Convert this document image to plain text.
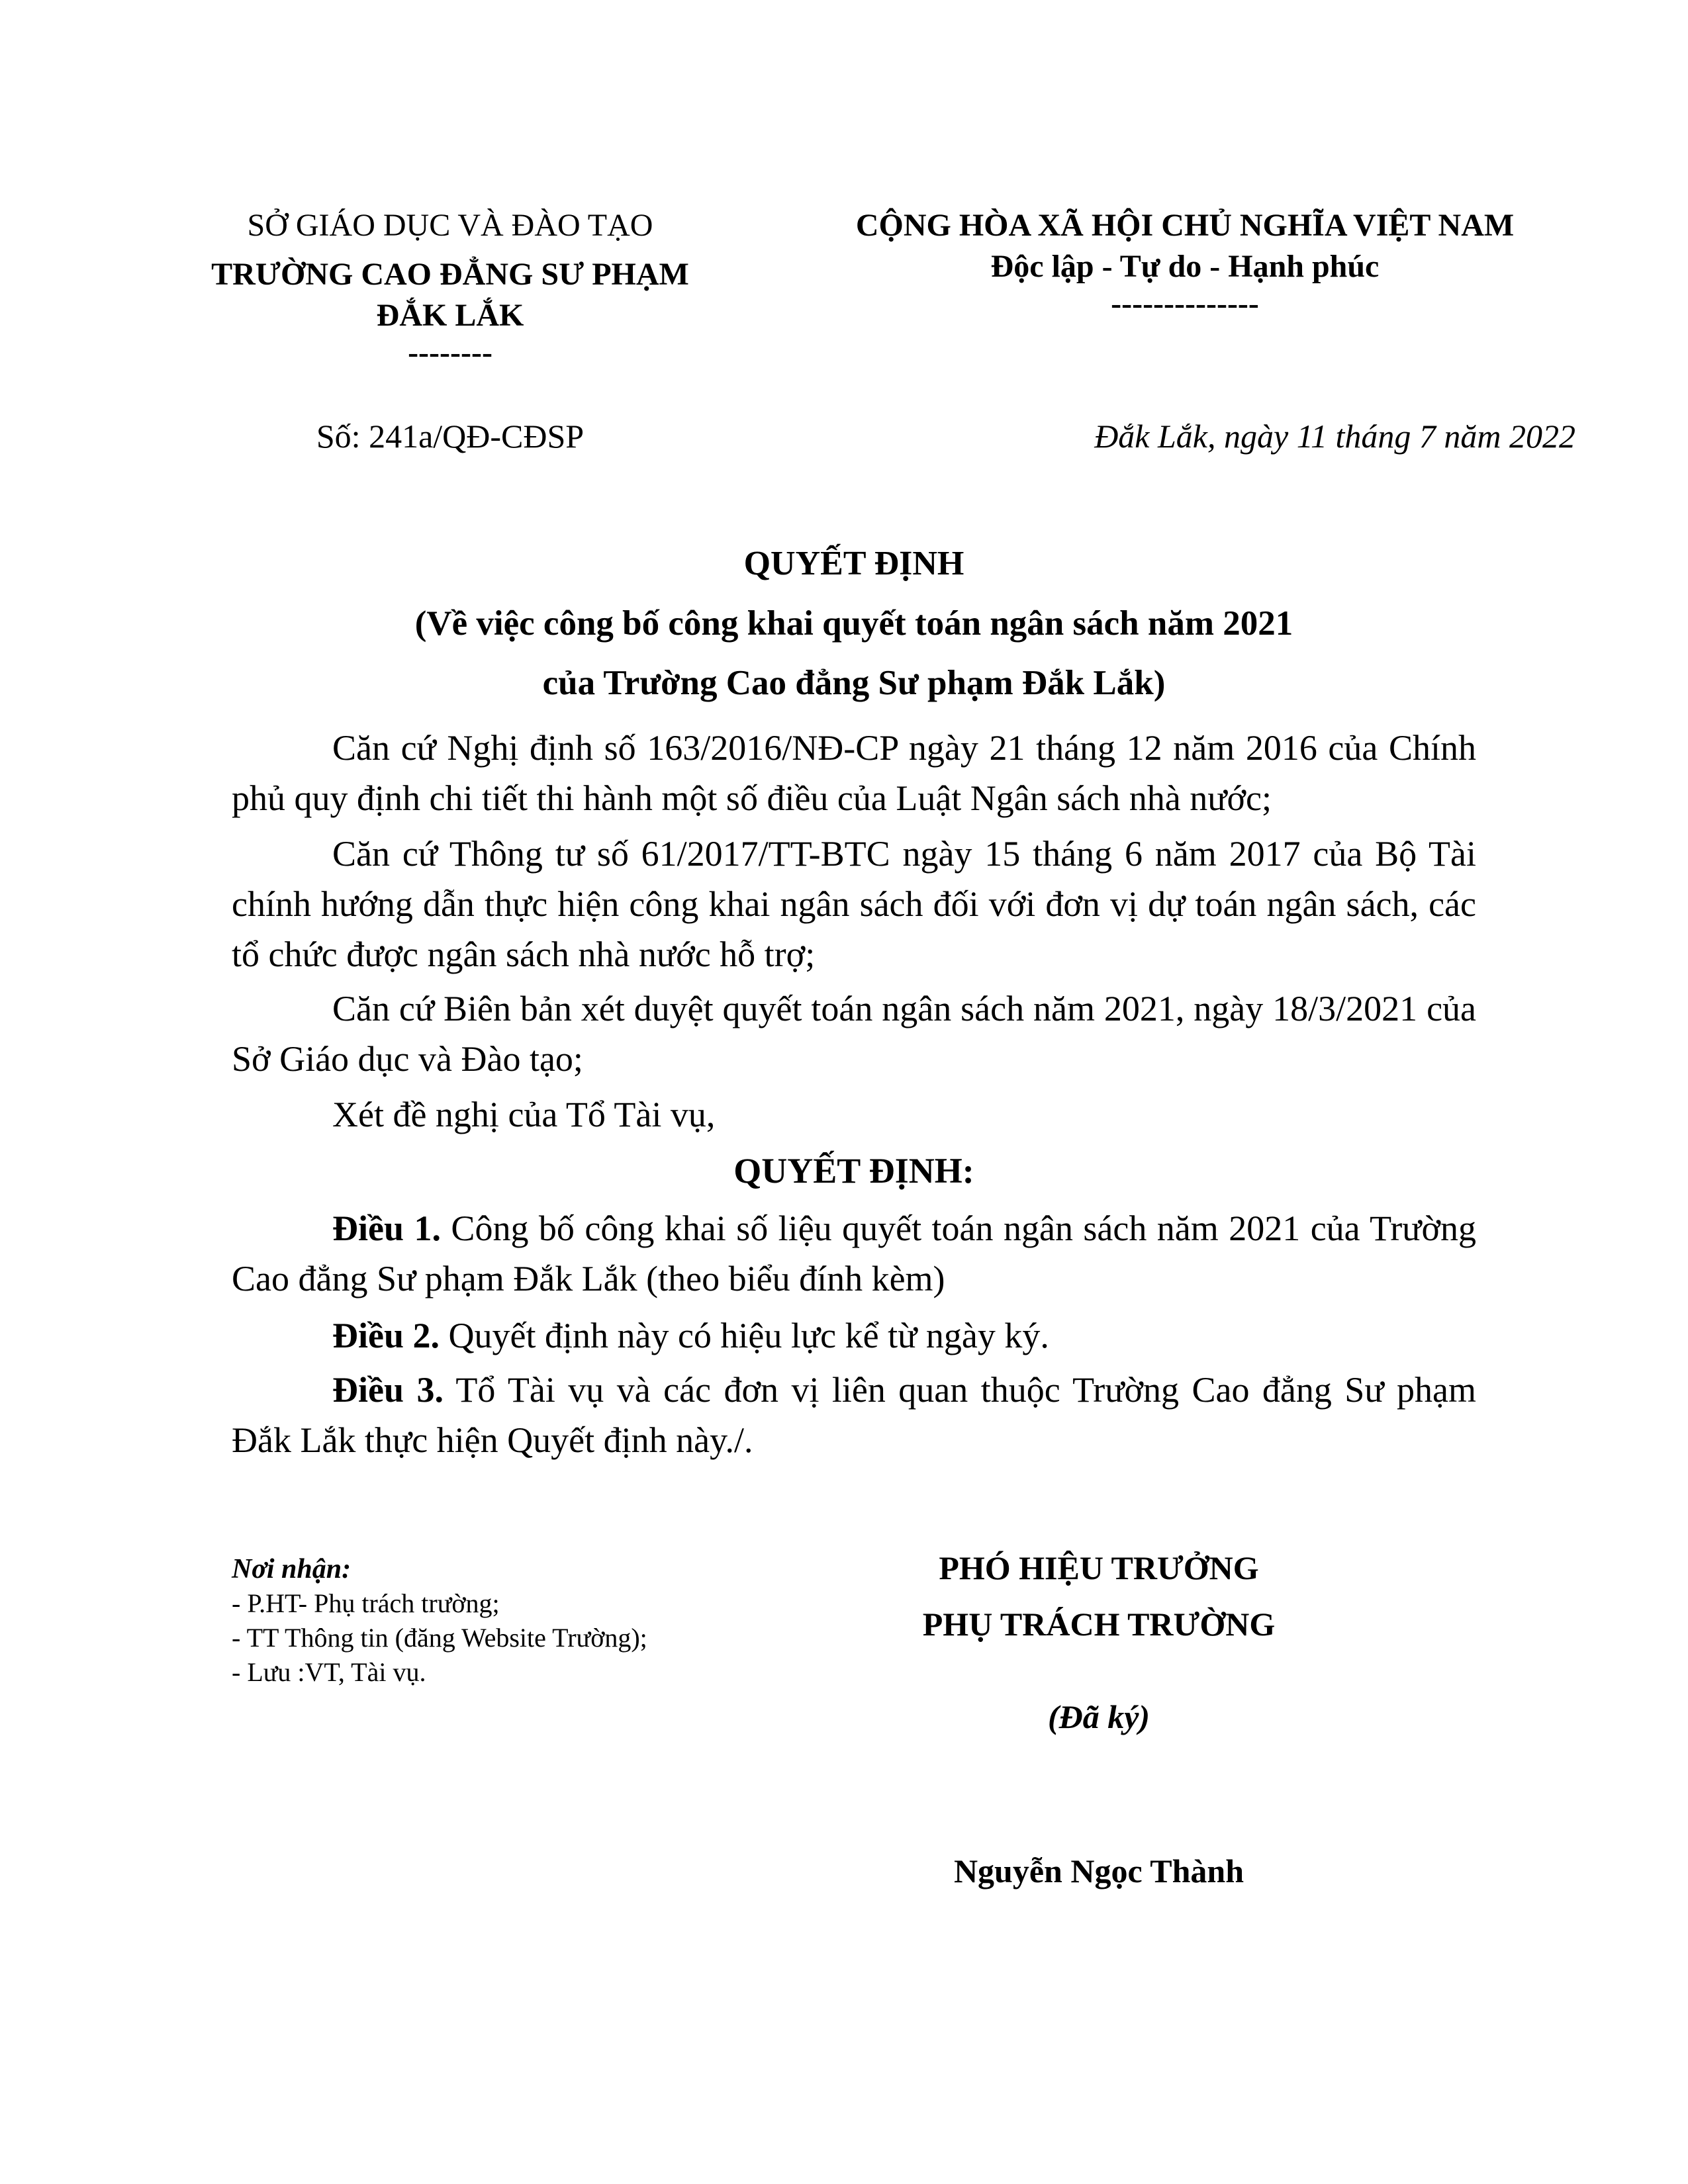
SỞ GIÁO DỤC VÀ ĐÀO TẠO
TRƯỜNG CAO ĐẲNG SƯ PHẠM
ĐẮK LẮK
--------
CỘNG HÒA XÃ HỘI CHỦ NGHĨA VIỆT NAM
Độc lập - Tự do - Hạnh phúc
--------------
Số: 241a/QĐ-CĐSP	Đắk Lắk, ngày 11 tháng 7 năm 2022
QUYẾT ĐỊNH
(Về việc công bố công khai quyết toán ngân sách năm 2021
của Trường Cao đẳng Sư phạm Đắk Lắk)
Căn cứ Nghị định số 163/2016/NĐ-CP ngày 21 tháng 12 năm 2016 của Chính phủ quy định chi tiết thi hành một số điều của Luật Ngân sách nhà nước;
Căn cứ Thông tư số 61/2017/TT-BTC ngày 15 tháng 6 năm 2017 của Bộ Tài chính hướng dẫn thực hiện công khai ngân sách đối với đơn vị dự toán ngân sách, các tổ chức được ngân sách nhà nước hỗ trợ;
Căn cứ Biên bản xét duyệt quyết toán ngân sách năm 2021, ngày 18/3/2021 của Sở Giáo dục và Đào tạo;
Xét đề nghị của Tổ Tài vụ,
QUYẾT ĐỊNH:
Điều 1. Công bố công khai số liệu quyết toán ngân sách năm 2021 của Trường Cao đẳng Sư phạm Đắk Lắk (theo biểu đính kèm)
Điều 2. Quyết định này có hiệu lực kể từ ngày ký.
Điều 3. Tổ Tài vụ và các đơn vị liên quan thuộc Trường Cao đẳng Sư phạm Đắk Lắk thực hiện Quyết định này./.
Nơi nhận:
- P.HT- Phụ trách trường;
- TT Thông tin (đăng Website Trường);
- Lưu :VT, Tài vụ.
PHÓ HIỆU TRƯỞNG
PHỤ TRÁCH TRƯỜNG
(Đã ký)
Nguyễn Ngọc Thành
